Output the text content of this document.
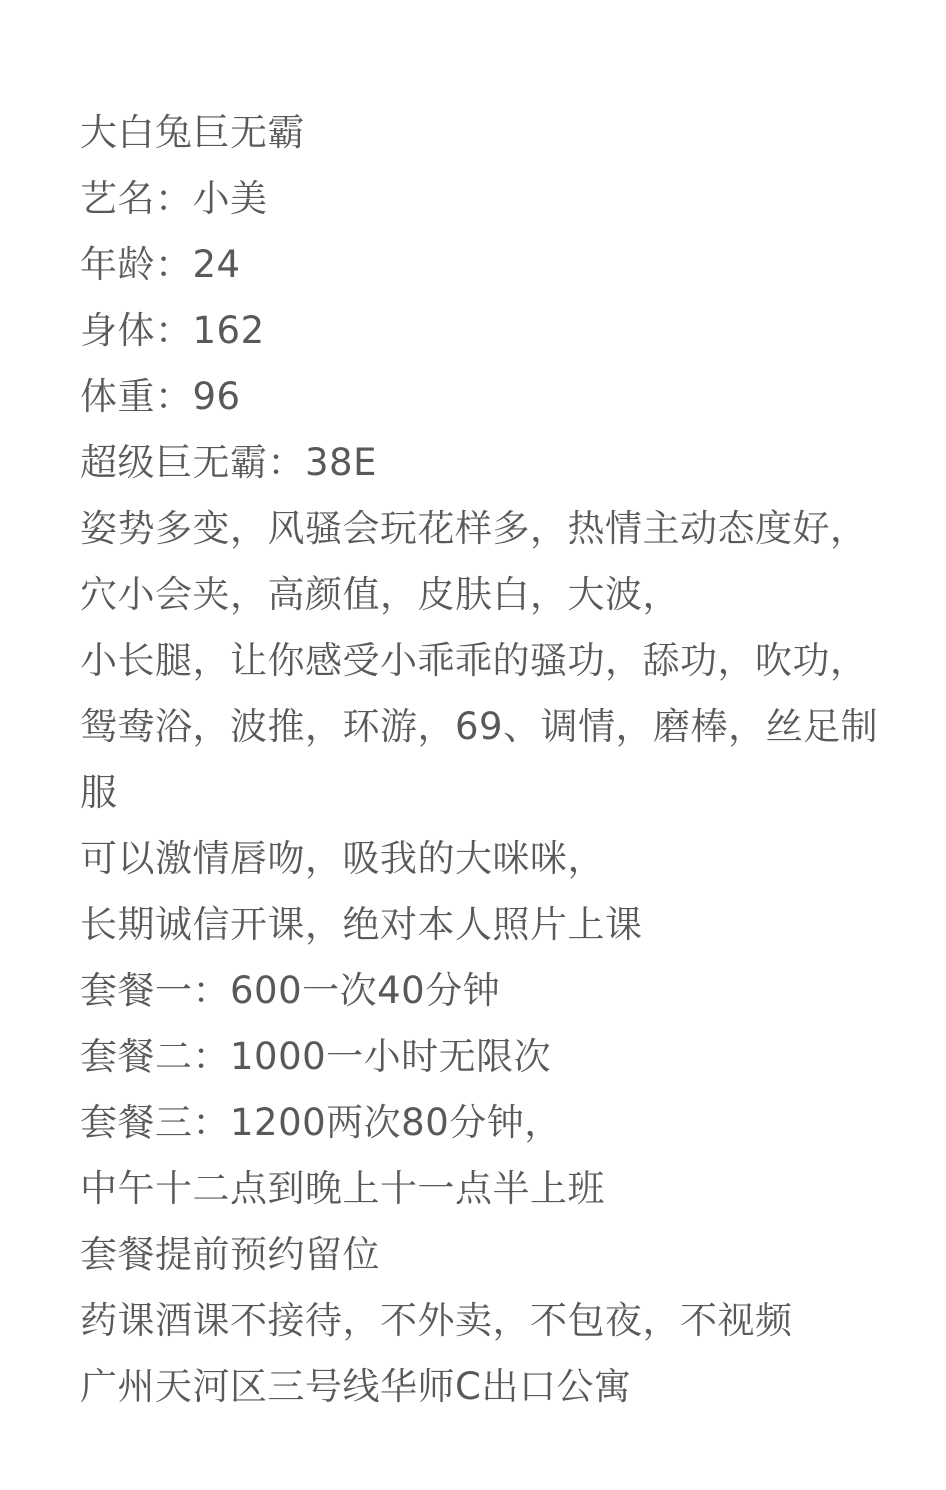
大白兔巨无霸
艺名：小美
年龄：24
身体：162
体重：96
超级巨无霸：38E
姿势多变，风骚会玩花样多，热情主动态度好，
穴小会夹，高颜值，皮肤白，大波，
小长腿，让你感受小乖乖的骚功，舔功，吹功，
鸳鸯浴，波推，环游，69、调情，磨棒，丝足制服
可以激情唇吻，吸我的大咪咪，
长期诚信开课，绝对本人照片上课
套餐一：600一次40分钟
套餐二：1000一小时无限次
套餐三：1200两次80分钟，
中午十二点到晚上十一点半上班
套餐提前预约留位
药课酒课不接待，不外卖，不包夜，不视频
广州天河区三号线华师C出口公寓
